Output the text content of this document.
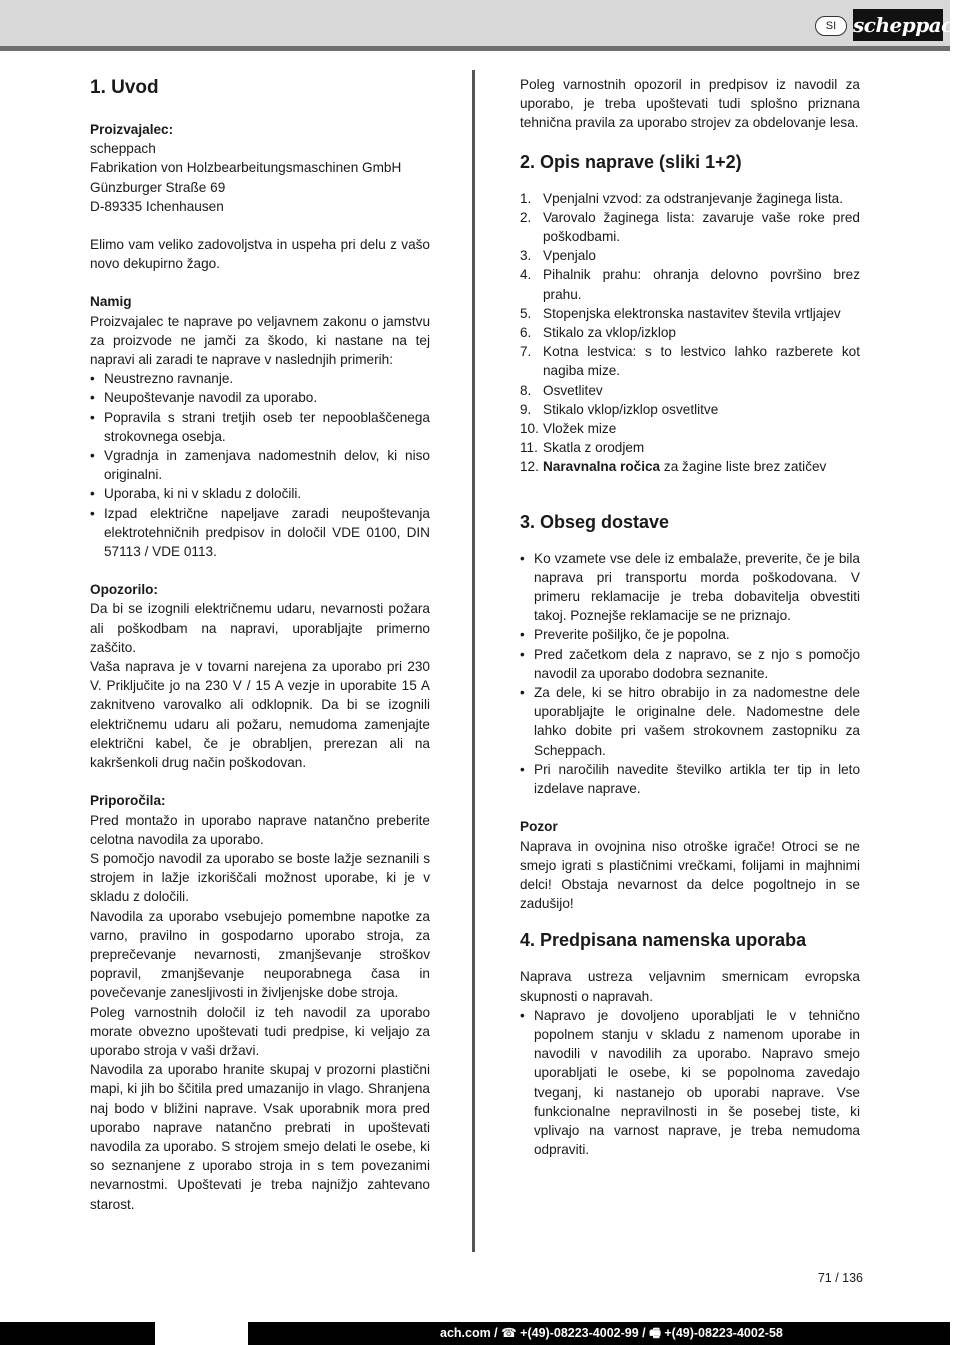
SI scheppach
1. Uvod
Proizvajalec:
scheppach
Fabrikation von Holzbearbeitungsmaschinen GmbH
Günzburger Straße 69
D-89335 Ichenhausen

Elimo vam veliko zadovoljstva in uspeha pri delu z vašo novo dekupirno žago.

Namig

Proizvajalec te naprave po veljavnem zakonu o jamstvu za proizvode ne jamči za škodo, ki nastane na tej napravi ali zaradi te naprave v naslednjih primerih:

• Neustrezno ravnanje.
• Neupoštevanje navodil za uporabo.
• Popravila s strani tretjih oseb ter nepooblaščenega strokovnega osebja.
• Vgradnja in zamenjava nadomestnih delov, ki niso originalni.
• Uporaba, ki ni v skladu z določili.
• Izpad električne napeljave zaradi neupoštevanja elektrotehničnih predpisov in določil VDE 0100, DIN 57113 / VDE 0113.
Opozorilo:

Da bi se izognili električnemu udaru, nevarnosti požara ali poškodbam na napravi, uporabljajte primerno zaščito.

Vaša naprava je v tovarni narejena za uporabo pri 230 V. Priključite jo na 230 V / 15 A vezje in uporabite 15 A zaknitveno varovalko ali odklopnik. Da bi se izognili električnemu udaru ali požaru, nemudoma zamenjajte električni kabel, če je obrabljen, prerezan ali na kakršenkoli drug način poškodovan.

Priporočila:

Pred montažo in uporabo naprave natančno preberite celotna navodila za uporabo.

S pomočjo navodil za uporabo se boste lažje seznanili s strojem in lažje izkoriščali možnost uporabe, ki je v skladu z določili.

Navodila za uporabo vsebujejo pomembne napotke za varno, pravilno in gospodarno uporabo stroja, za preprečevanje nevarnosti, zmanjševanje stroškov popravil, zmanjševanje neuporabnega časa in povečevanje zanesljivosti in življenjske dobe stroja.

Poleg varnostnih določil iz teh navodil za uporabo morate obvezno upoštevati tudi predpise, ki veljajo za uporabo stroja v vaši državi.

Navodila za uporabo hranite skupaj v prozorni plastični mapi, ki jih bo ščitila pred umazanijo in vlago. Shranjena naj bodo v bližini naprave. Vsak uporabnik mora pred uporabo naprave natančno prebrati in upoštevati navodila za uporabo. S strojem smejo delati le osebe, ki so seznanjene z uporabo stroja in s tem povezanimi nevarnostmi. Upoštevati je treba najnižjo zahtevano starost.

Poleg varnostnih opozoril in predpisov iz navodil za uporabo, je treba upoštevati tudi splošno priznana tehnična pravila za uporabo strojev za obdelovanje lesa.

2. Opis naprave (sliki 1+2)
1. Vpenjalni vzvod: za odstranjevanje žaginega lista.
2. Varovalo žaginega lista: zavaruje vaše roke pred poškodbami.
3. Vpenjalo
4. Pihalnik prahu: ohranja delovno površino brez prahu.
5. Stopenjska elektronska nastavitev števila vrtljajev
6. Stikalo za vklop/izklop
7. Kotna lestvica: s to lestvico lahko razberete kot nagiba mize.
8. Osvetlitev
9. Stikalo vklop/izklop osvetlitve
10. Vložek mize
11. Skatla z orodjem
12. Naravnalna ročica za žagine liste brez zatičev
3. Obseg dostave
• Ko vzamete vse dele iz embalaže, preverite, če je bila naprava pri transportu morda poškodovana. V primeru reklamacije je treba dobavitelja obvestiti takoj. Poznejše reklamacije se ne priznajo.
• Preverite pošiljko, če je popolna.
• Pred začetkom dela z napravo, se z njo s pomočjo navodil za uporabo dodobra seznanite.
• Za dele, ki se hitro obrabijo in za nadomestne dele uporabljajte le originalne dele. Nadomestne dele lahko dobite pri vašem strokovnem zastopniku za Scheppach.
• Pri naročilih navedite številko artikla ter tip in leto izdelave naprave.
Pozor

Naprava in ovojnina niso otroške igrače! Otroci se ne smejo igrati s plastičnimi vrečkami, folijami in majhnimi delci! Obstaja nevarnost da delce pogoltnejo in se zadušijo!

4. Predpisana namenska uporaba

Naprava ustreza veljavnim smernicam evropska skupnosti o napravah.

• Napravo je dovoljeno uporabljati le v tehnično popolnem stanju v skladu z namenom uporabe in navodili v navodilih za uporabo. Napravo smejo uporabljati le osebe, ki se popolnoma zavedajo tveganj, ki nastanejo ob uporabi naprave. Vse funkcionalne nepravilnosti in še posebej tiste, ki vplivajo na varnost naprave, je treba nemudoma odpraviti.
71 / 136
ach.com / ☎ +(49)-08223-4002-99 / 🖷 +(49)-08223-4002-58
